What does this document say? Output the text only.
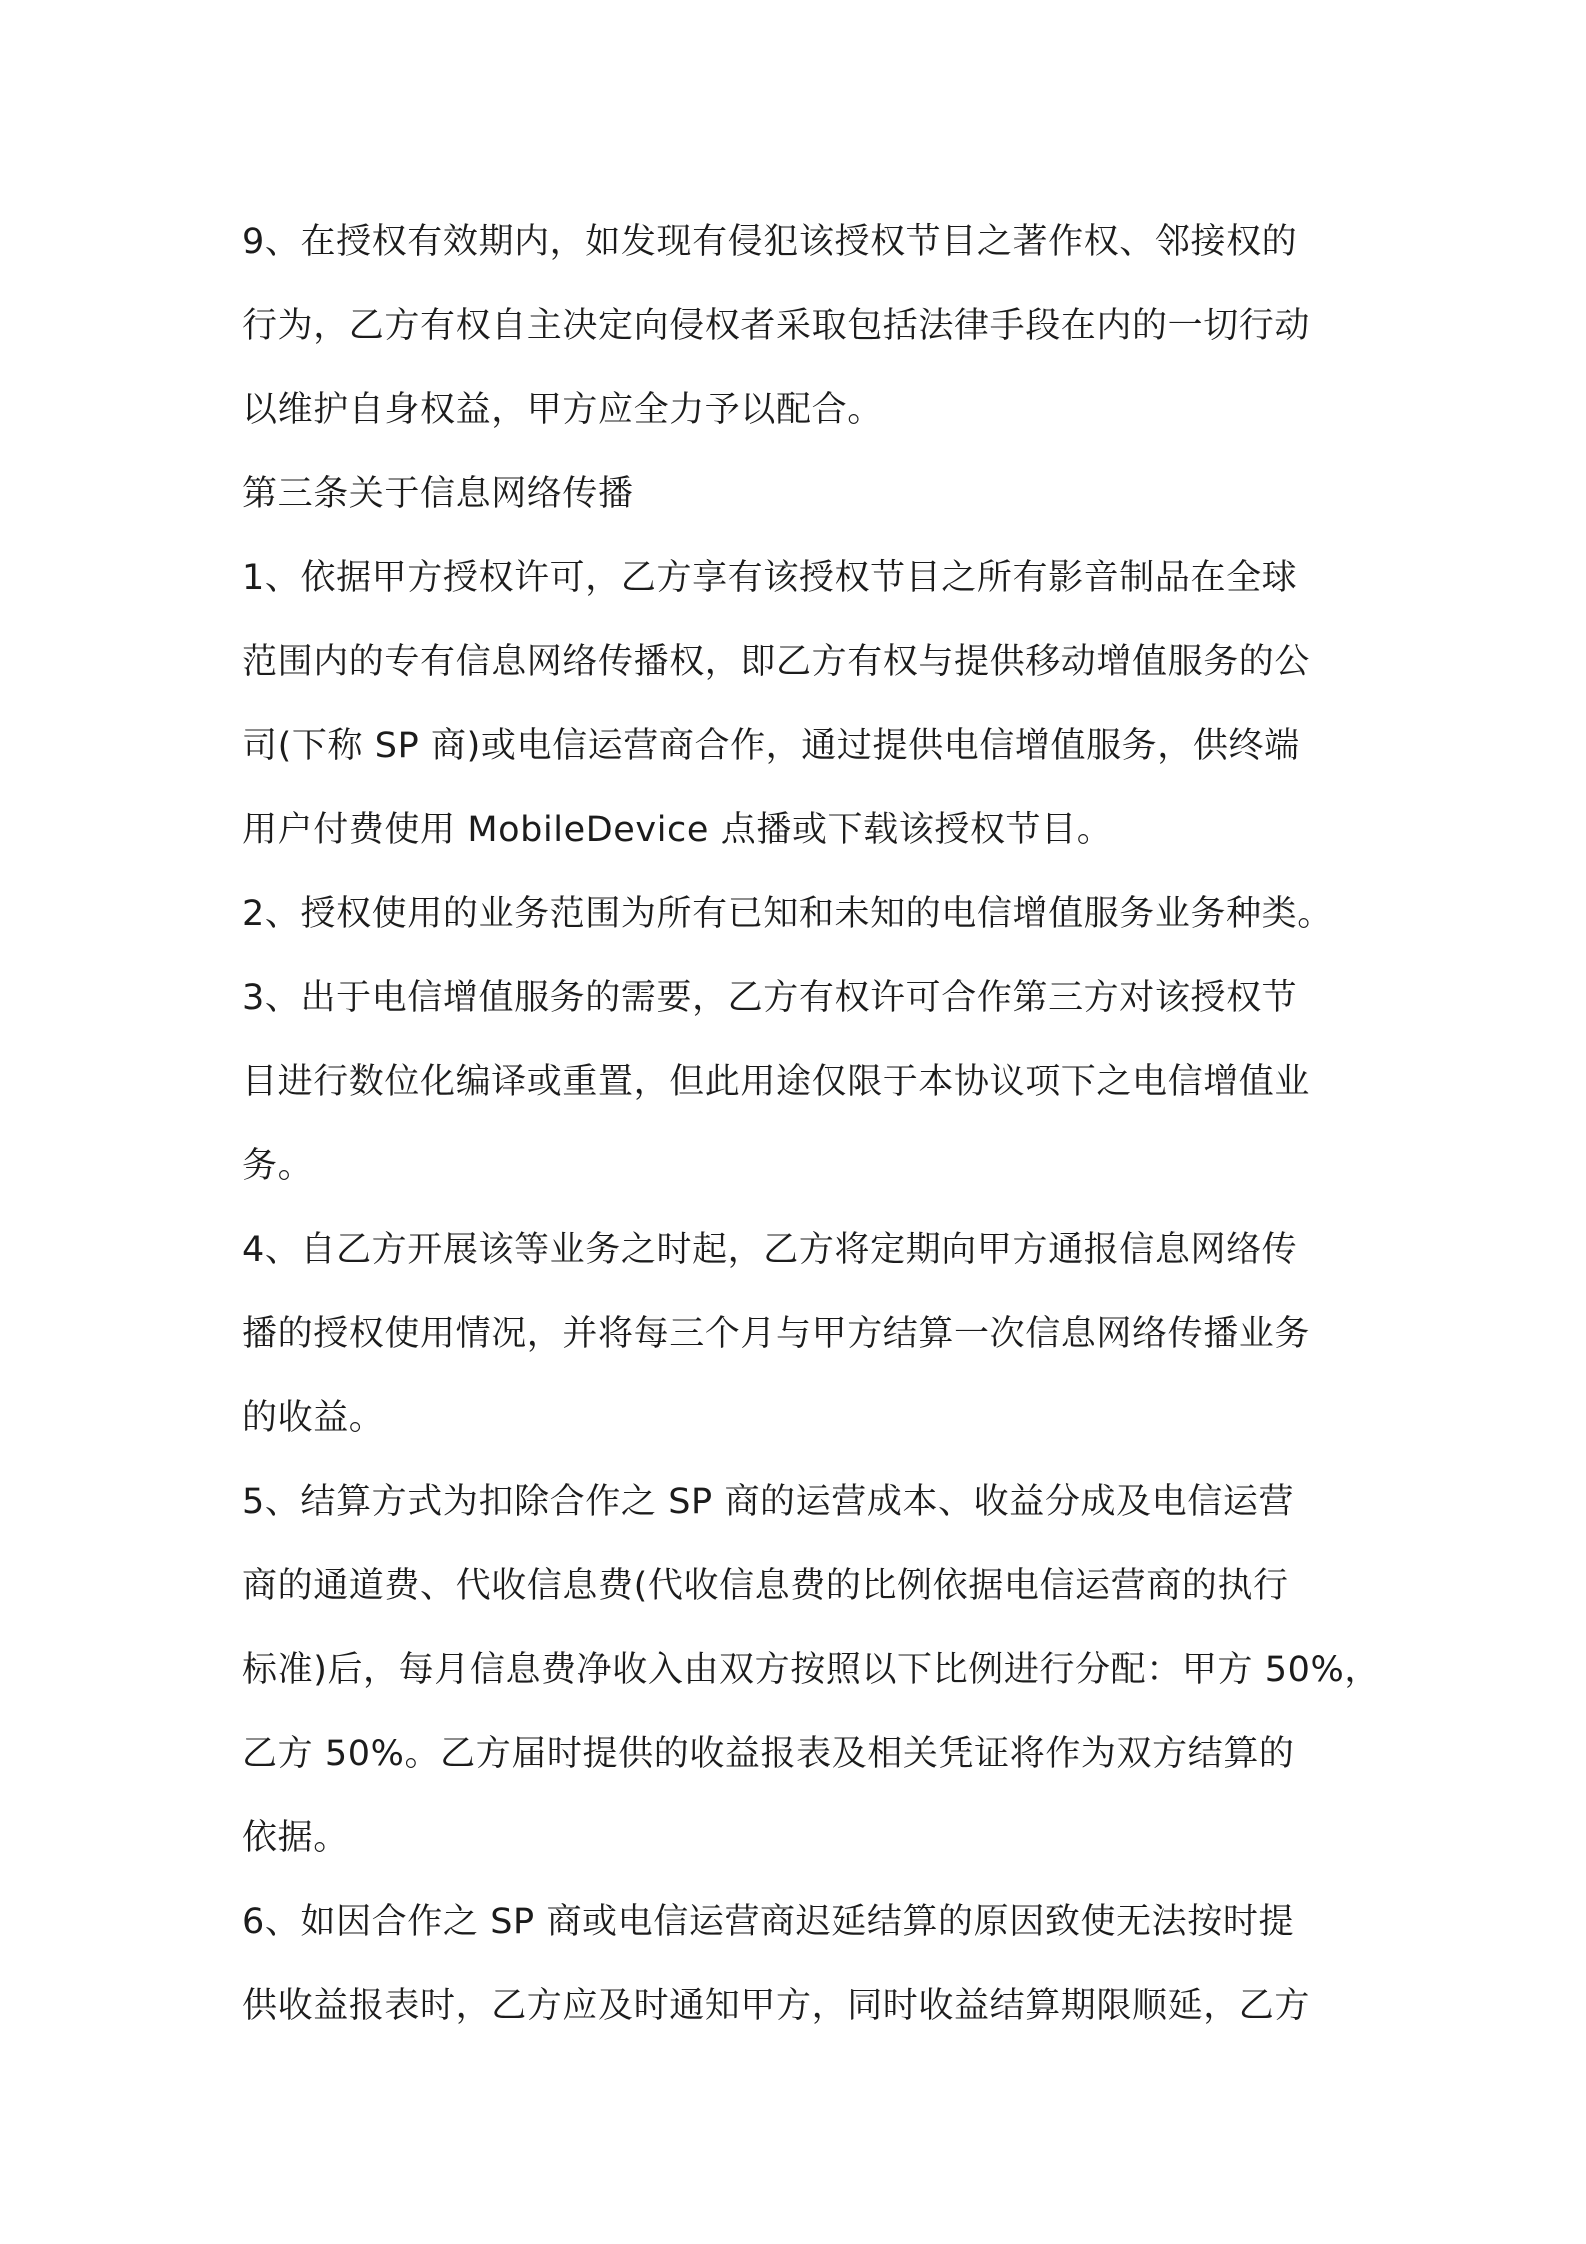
9、在授权有效期内，如发现有侵犯该授权节目之著作权、邻接权的
行为，乙方有权自主决定向侵权者采取包括法律手段在内的一切行动
以维护自身权益，甲方应全力予以配合。
第三条关于信息网络传播
1、依据甲方授权许可，乙方享有该授权节目之所有影音制品在全球
范围内的专有信息网络传播权，即乙方有权与提供移动增值服务的公
司(下称 SP 商)或电信运营商合作，通过提供电信增值服务，供终端
用户付费使用 MobileDevice 点播或下载该授权节目。
2、授权使用的业务范围为所有已知和未知的电信增值服务业务种类。
3、出于电信增值服务的需要，乙方有权许可合作第三方对该授权节
目进行数位化编译或重置，但此用途仅限于本协议项下之电信增值业
务。
4、自乙方开展该等业务之时起，乙方将定期向甲方通报信息网络传
播的授权使用情况，并将每三个月与甲方结算一次信息网络传播业务
的收益。
5、结算方式为扣除合作之 SP 商的运营成本、收益分成及电信运营
商的通道费、代收信息费(代收信息费的比例依据电信运营商的执行
标准)后，每月信息费净收入由双方按照以下比例进行分配：甲方 50%，
乙方 50%。乙方届时提供的收益报表及相关凭证将作为双方结算的
依据。
6、如因合作之 SP 商或电信运营商迟延结算的原因致使无法按时提
供收益报表时，乙方应及时通知甲方，同时收益结算期限顺延，乙方
